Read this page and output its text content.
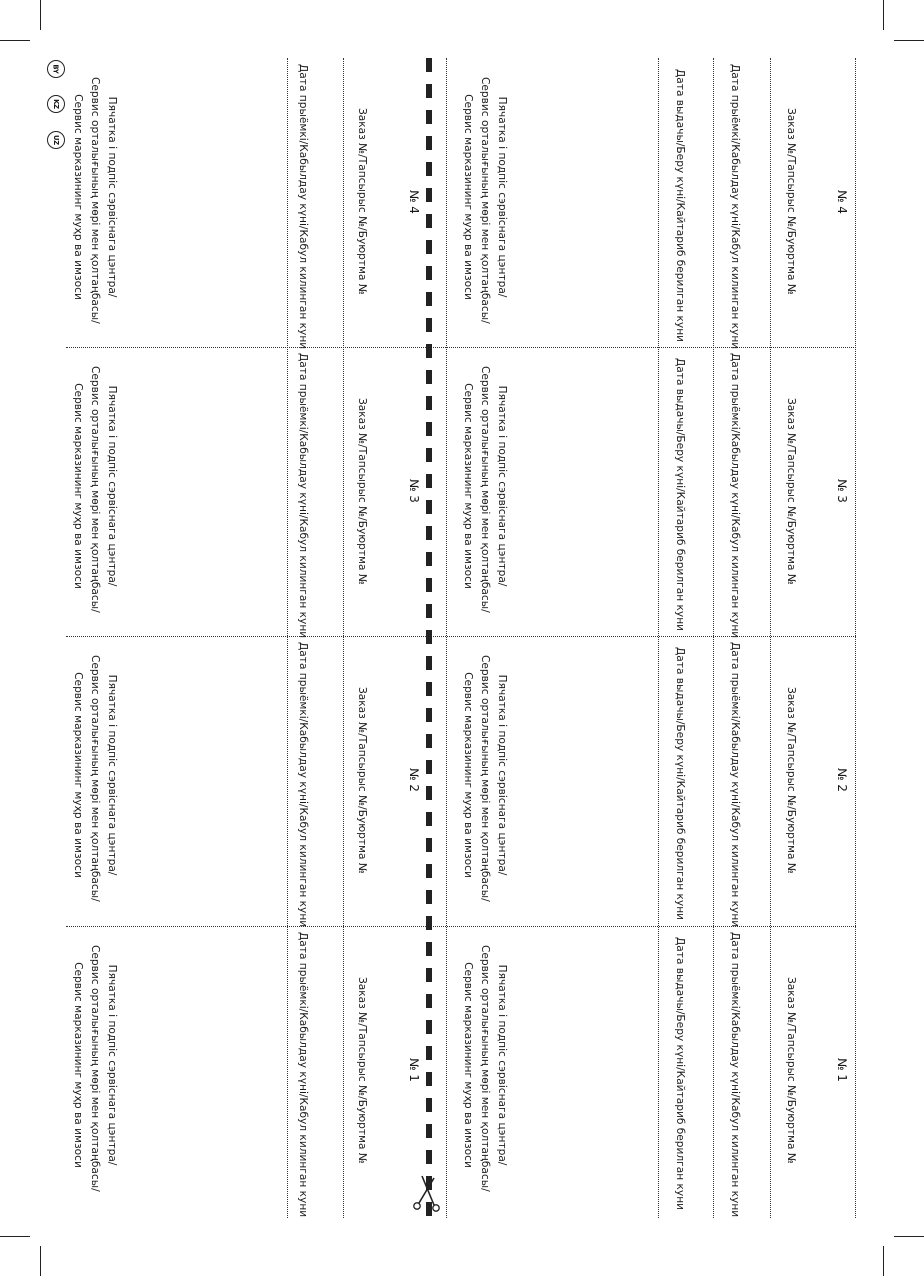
BY
KZ
UZ
№ 1
Заказ №/Тапсырыс №/Буюртма №
Дата прыёмкі/Кабылдау күні/Кабул килинган куни
Дата выдачы/Беру күні/Кайтариб берилган куни
Пячатка і подпіс сэрвіснага цэнтра/
Сервис орталығының мөрі мен қолтаңбасы/
Сервис марказининг муҳр ва имзоси
№ 1
Заказ №/Тапсырыс №/Буюртма №
Дата прыёмкі/Кабылдау күні/Кабул килинган куни
Пячатка і подпіс сэрвіснага цэнтра/
Сервис орталығының мөрі мен қолтаңбасы/
Сервис марказининг муҳр ва имзоси
№ 2
Заказ №/Тапсырыс №/Буюртма №
Дата прыёмкі/Кабылдау күні/Кабул килинган куни
Дата выдачы/Беру күні/Кайтариб берилган куни
Пячатка і подпіс сэрвіснага цэнтра/
Сервис орталығының мөрі мен қолтаңбасы/
Сервис марказининг муҳр ва имзоси
№ 2
Заказ №/Тапсырыс №/Буюртма №
Дата прыёмкі/Кабылдау күні/Кабул килинган куни
Пячатка і подпіс сэрвіснага цэнтра/
Сервис орталығының мөрі мен қолтаңбасы/
Сервис марказининг муҳр ва имзоси
№ 3
Заказ №/Тапсырыс №/Буюртма №
Дата прыёмкі/Кабылдау күні/Кабул килинган куни
Дата выдачы/Беру күні/Кайтариб берилган куни
Пячатка і подпіс сэрвіснага цэнтра/
Сервис орталығының мөрі мен қолтаңбасы/
Сервис марказининг муҳр ва имзоси
№ 3
Заказ №/Тапсырыс №/Буюртма №
Дата прыёмкі/Кабылдау күні/Кабул килинган куни
Пячатка і подпіс сэрвіснага цэнтра/
Сервис орталығының мөрі мен қолтаңбасы/
Сервис марказининг муҳр ва имзоси
№ 4
Заказ №/Тапсырыс №/Буюртма №
Дата прыёмкі/Кабылдау күні/Кабул килинган куни
Дата выдачы/Беру күні/Кайтариб берилган куни
Пячатка і подпіс сэрвіснага цэнтра/
Сервис орталығының мөрі мен қолтаңбасы/
Сервис марказининг муҳр ва имзоси
№ 4
Заказ №/Тапсырыс №/Буюртма №
Дата прыёмкі/Кабылдау күні/Кабул килинган куни
Пячатка і подпіс сэрвіснага цэнтра/
Сервис орталығының мөрі мен қолтаңбасы/
Сервис марказининг муҳр ва имзоси
